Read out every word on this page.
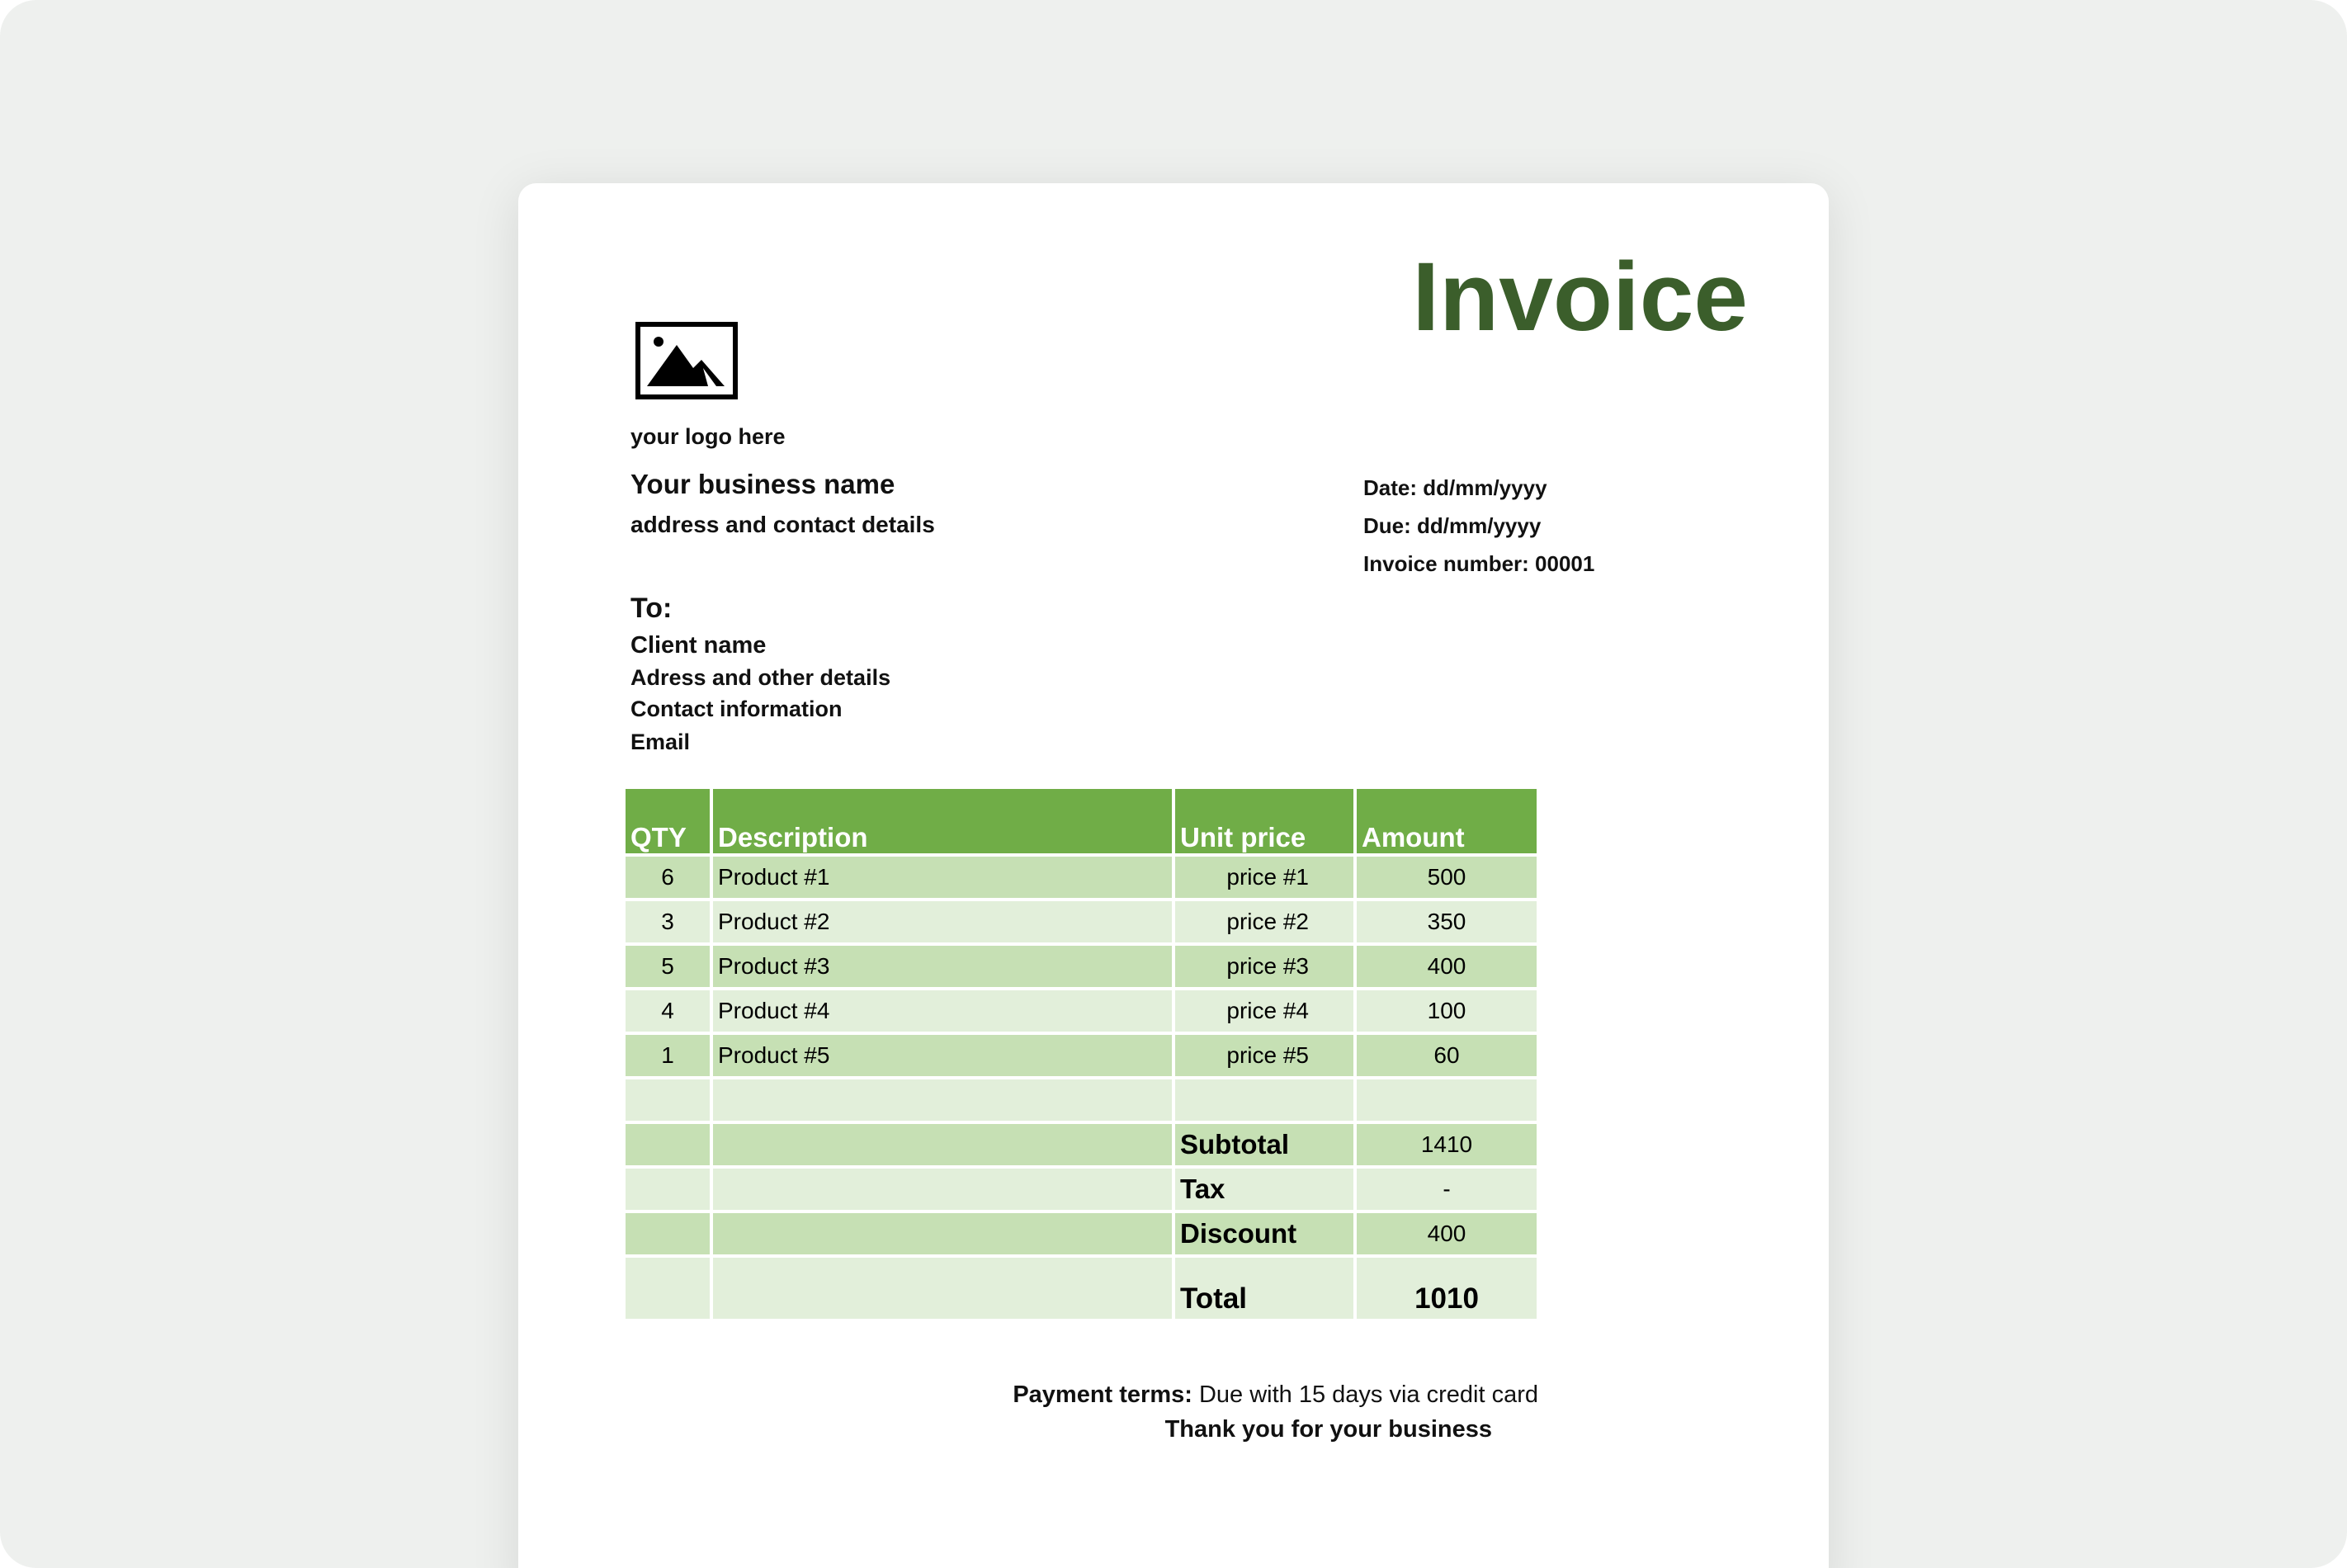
Invoice
your logo here
Your business name
address and contact details
Date: dd/mm/yyyy
Due: dd/mm/yyyy
Invoice number: 00001
To:
Client name
Adress and other details
Contact information
Email
QTY	Description	Unit price	Amount
6	Product #1	price #1	500
3	Product #2	price #2	350
5	Product #3	price #3	400
4	Product #4	price #4	100
1	Product #5	price #5	60

		Subtotal	1410
		Tax	-
		Discount	400
		Total	1010
Payment terms: Due with 15 days via credit card
Thank you for your business
